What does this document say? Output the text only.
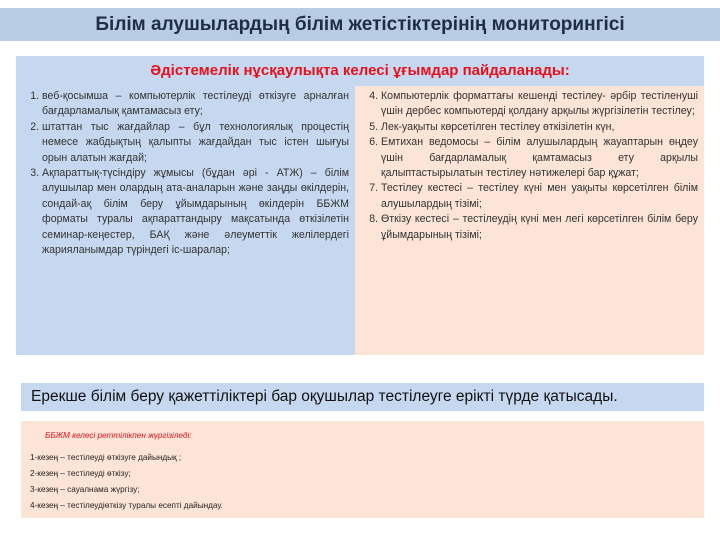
Білім алушылардың білім жетістіктерінің мониторингісі
Әдістемелік нұсқаулықта келесі ұғымдар пайдаланады:
1. веб-қосымша – компьютерлік тестілеуді өткізуге арналған бағдарламалық қамтамасыз ету;
2. штаттан тыс жағдайлар – бұл технологиялық процестің немесе жабдықтың қалыпты жағдайдан тыс істен шығуы орын алатын жағдай;
3. Ақпараттық-түсіндіру жұмысы (бұдан әрі - АТЖ) – білім алушылар мен олардың ата-аналарын және заңды өкілдерін, сондай-ақ білім беру ұйымдарының өкілдерін ББЖМ форматы туралы ақпараттандыру мақсатында өткізілетін семинар-кеңестер, БАҚ және әлеуметтік желілердегі жарияланымдар түріндегі іс-шаралар;
4. Компьютерлік форматтағы кешенді тестілеу- әрбір тестіленуші үшін дербес компьютерді қолдану арқылы жүргізілетін тестілеу;
5. Лек-уақыты көрсетілген тестілеу өткізілетін күн,
6. Емтихан ведомосы – білім алушылардың жауаптарын өңдеу үшін бағдарламалық қамтамасыз ету арқылы қалыптастырылатын тестілеу нәтижелері бар құжат;
7. Тестілеу кестесі – тестілеу күні мен уақыты көрсетілген білім алушылардың тізімі;
8. Өткізу кестесі – тестілеудің күні мен легі көрсетілген білім беру ұйымдарының тізімі;
Ерекше білім беру қажеттіліктері бар оқушылар тестілеуге ерікті түрде қатысады.
ББЖМ келесі реттілікпен жүргізіледі:
1-кезең – тестілеуді өткізуге дайындық ;
2-кезең – тестілеуді өткізу;
3-кезең – сауалнама жүргізу;
4-кезең – тестілеудіөткізу туралы есепті дайындау.
